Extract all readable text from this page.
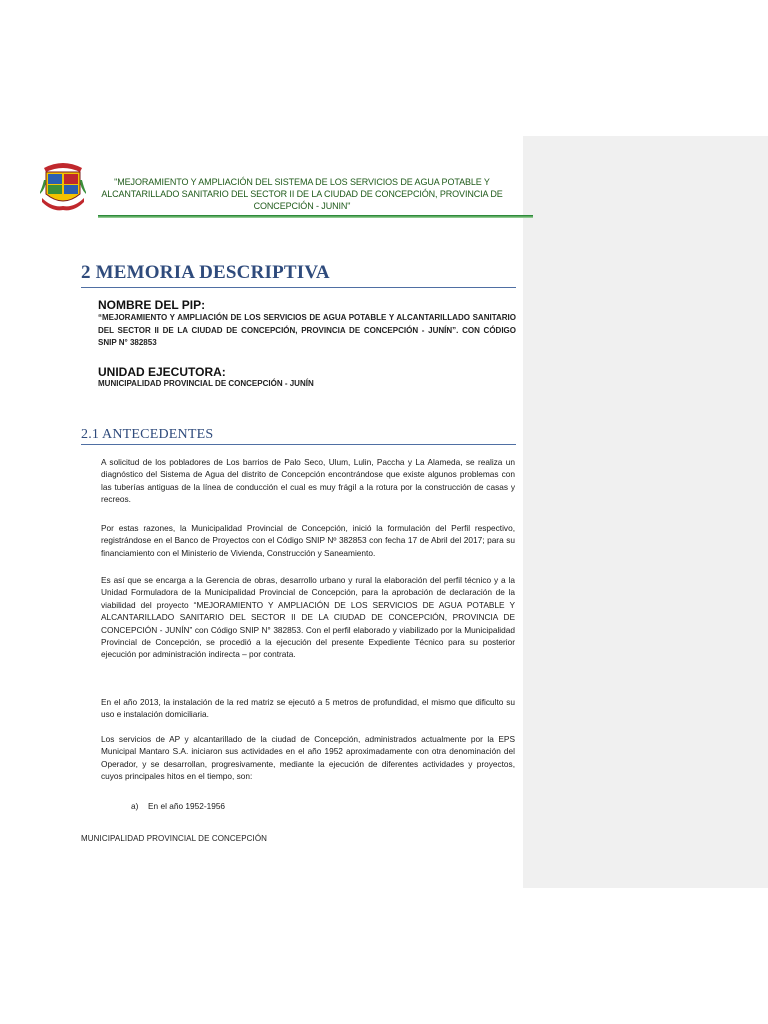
"MEJORAMIENTO Y AMPLIACIÓN DEL SISTEMA DE LOS SERVICIOS DE AGUA POTABLE Y ALCANTARILLADO SANITARIO DEL SECTOR II DE LA CIUDAD DE CONCEPCIÓN, PROVINCIA DE CONCEPCIÓN - JUNIN"
2 MEMORIA DESCRIPTIVA
NOMBRE DEL PIP:
“MEJORAMIENTO Y AMPLIACIÓN DE LOS SERVICIOS DE AGUA POTABLE Y ALCANTARILLADO SANITARIO DEL SECTOR II DE LA CIUDAD DE CONCEPCIÓN, PROVINCIA DE CONCEPCIÓN - JUNÍN”. CON CÓDIGO SNIP N° 382853
UNIDAD EJECUTORA:
MUNICIPALIDAD PROVINCIAL DE CONCEPCIÓN - JUNÍN
2.1 ANTECEDENTES
A solicitud de los pobladores de Los barrios de Palo Seco, Ulum, Lulin, Paccha y La Alameda, se realiza un diagnóstico del Sistema de Agua del distrito de Concepción encontrándose que existe algunos problemas con las tuberías antiguas de la línea de conducción el cual es muy frágil a la rotura por la construcción de casas y recreos.
Por estas razones, la Municipalidad Provincial de Concepción, inició la formulación del Perfil respectivo, registrándose en el Banco de Proyectos con el Código SNIP Nº 382853 con fecha 17 de Abril del 2017; para su financiamiento con el Ministerio de Vivienda, Construcción y Saneamiento.
Es así que se encarga a la Gerencia de obras, desarrollo urbano y rural la elaboración del perfil técnico y a la Unidad Formuladora de la Municipalidad Provincial de Concepción, para la aprobación de declaración de la viabilidad del proyecto “MEJORAMIENTO Y AMPLIACIÓN DE LOS SERVICIOS DE AGUA POTABLE Y ALCANTARILLADO SANITARIO DEL SECTOR II DE LA CIUDAD DE CONCEPCIÓN, PROVINCIA DE CONCEPCIÓN - JUNÍN” con Código SNIP N° 382853. Con el perfil elaborado y viabilizado por la Municipalidad Provincial de Concepción, se procedió a la ejecución del presente Expediente Técnico para su posterior ejecución por administración indirecta – por contrata.
En el año 2013, la instalación de la red matriz se ejecutó a 5 metros de profundidad, el mismo que dificulto su uso e instalación domiciliaria.
Los servicios de AP y alcantarillado de la ciudad de Concepción, administrados actualmente por la EPS Municipal Mantaro S.A. iniciaron sus actividades en el año 1952 aproximadamente con otra denominación del Operador, y se desarrollan, progresivamente, mediante la ejecución de diferentes actividades y proyectos, cuyos principales hitos en el tiempo, son:
a) En el año 1952-1956
MUNICIPALIDAD PROVINCIAL DE CONCEPCIÓN
